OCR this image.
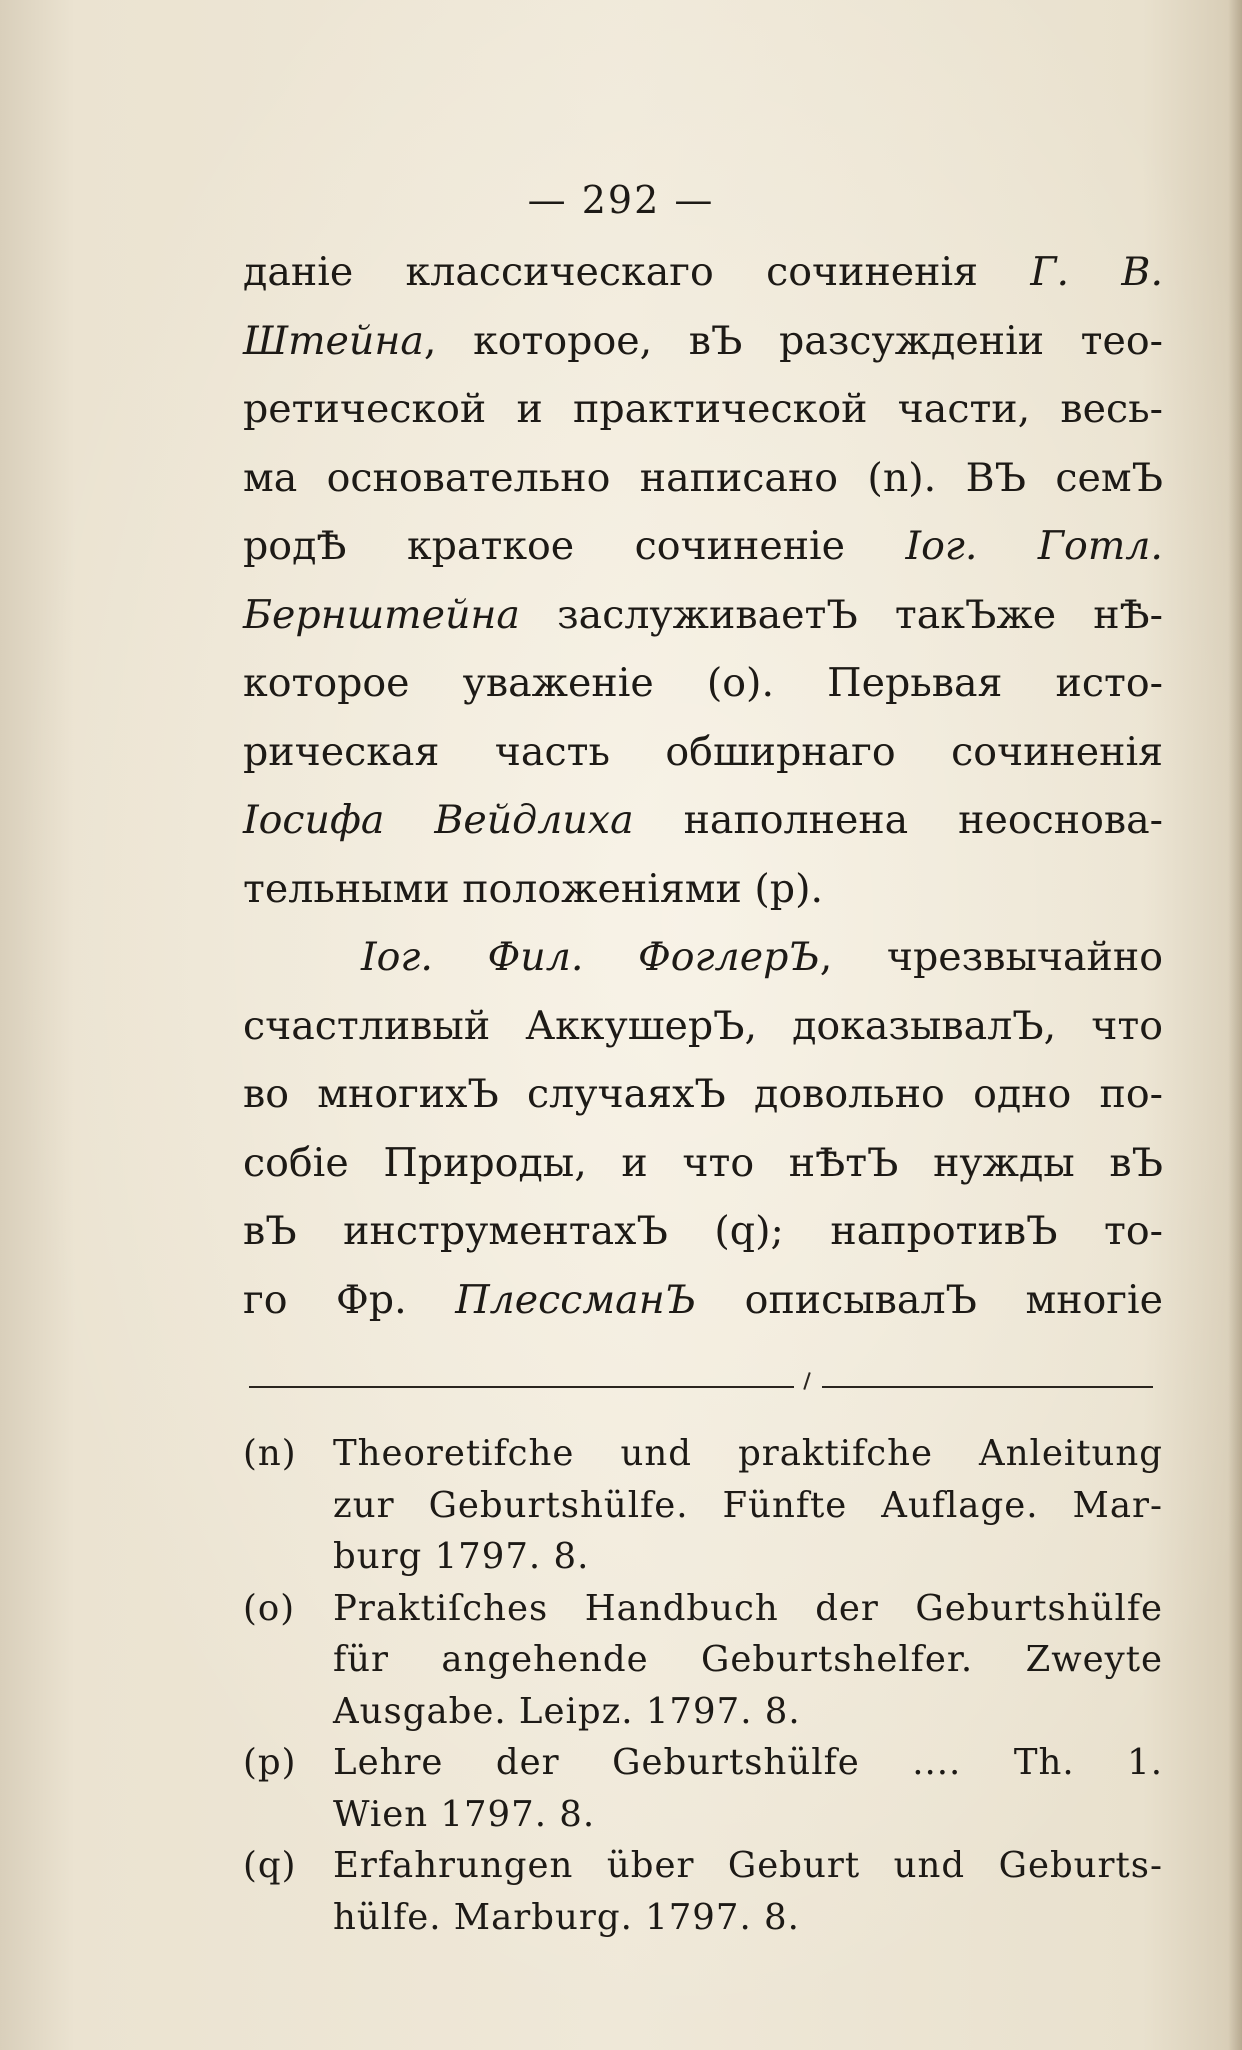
— 292 —
даніе классическаго сочиненія Г. В.
Штейна, которое, вЪ разсужденіи тео-
ретической и практической части, весь-
ма основательно написано (n). ВЪ семЪ
родѢ краткое сочиненіе Іог. Готл.
Бернштейна заслуживаетЪ такЪже нѢ-
которое уваженіе (о). Перьвая исто-
рическая часть обширнаго сочиненія
Іосифа Вейдлиха наполнена неоснова-
тельными положеніями (р).
Іог. Фил. ФоглерЪ, чрезвычайно
счастливый АккушерЪ, доказывалЪ, что
во многихЪ случаяхЪ довольно одно по-
собіе Природы, и что нѢтЪ нужды вЪ
вЪ инструментахЪ (q); напротивЪ то-
го Фр. ПлессманЪ описывалЪ многіе
(n) Theoretifche und praktifche Anleitung
zur Geburtshülfe. Fünfte Auflage. Mar-
burg 1797. 8.
(o) Praktiſches Handbuch der Geburtshülfe
für angehende Geburtshelfer. Zweyte
Ausgabe. Leipz. 1797. 8.
(p) Lehre der Geburtshülfe .... Th. 1.
Wien 1797. 8.
(q) Erfahrungen über Geburt und Geburts-
hülfe. Marburg. 1797. 8.
